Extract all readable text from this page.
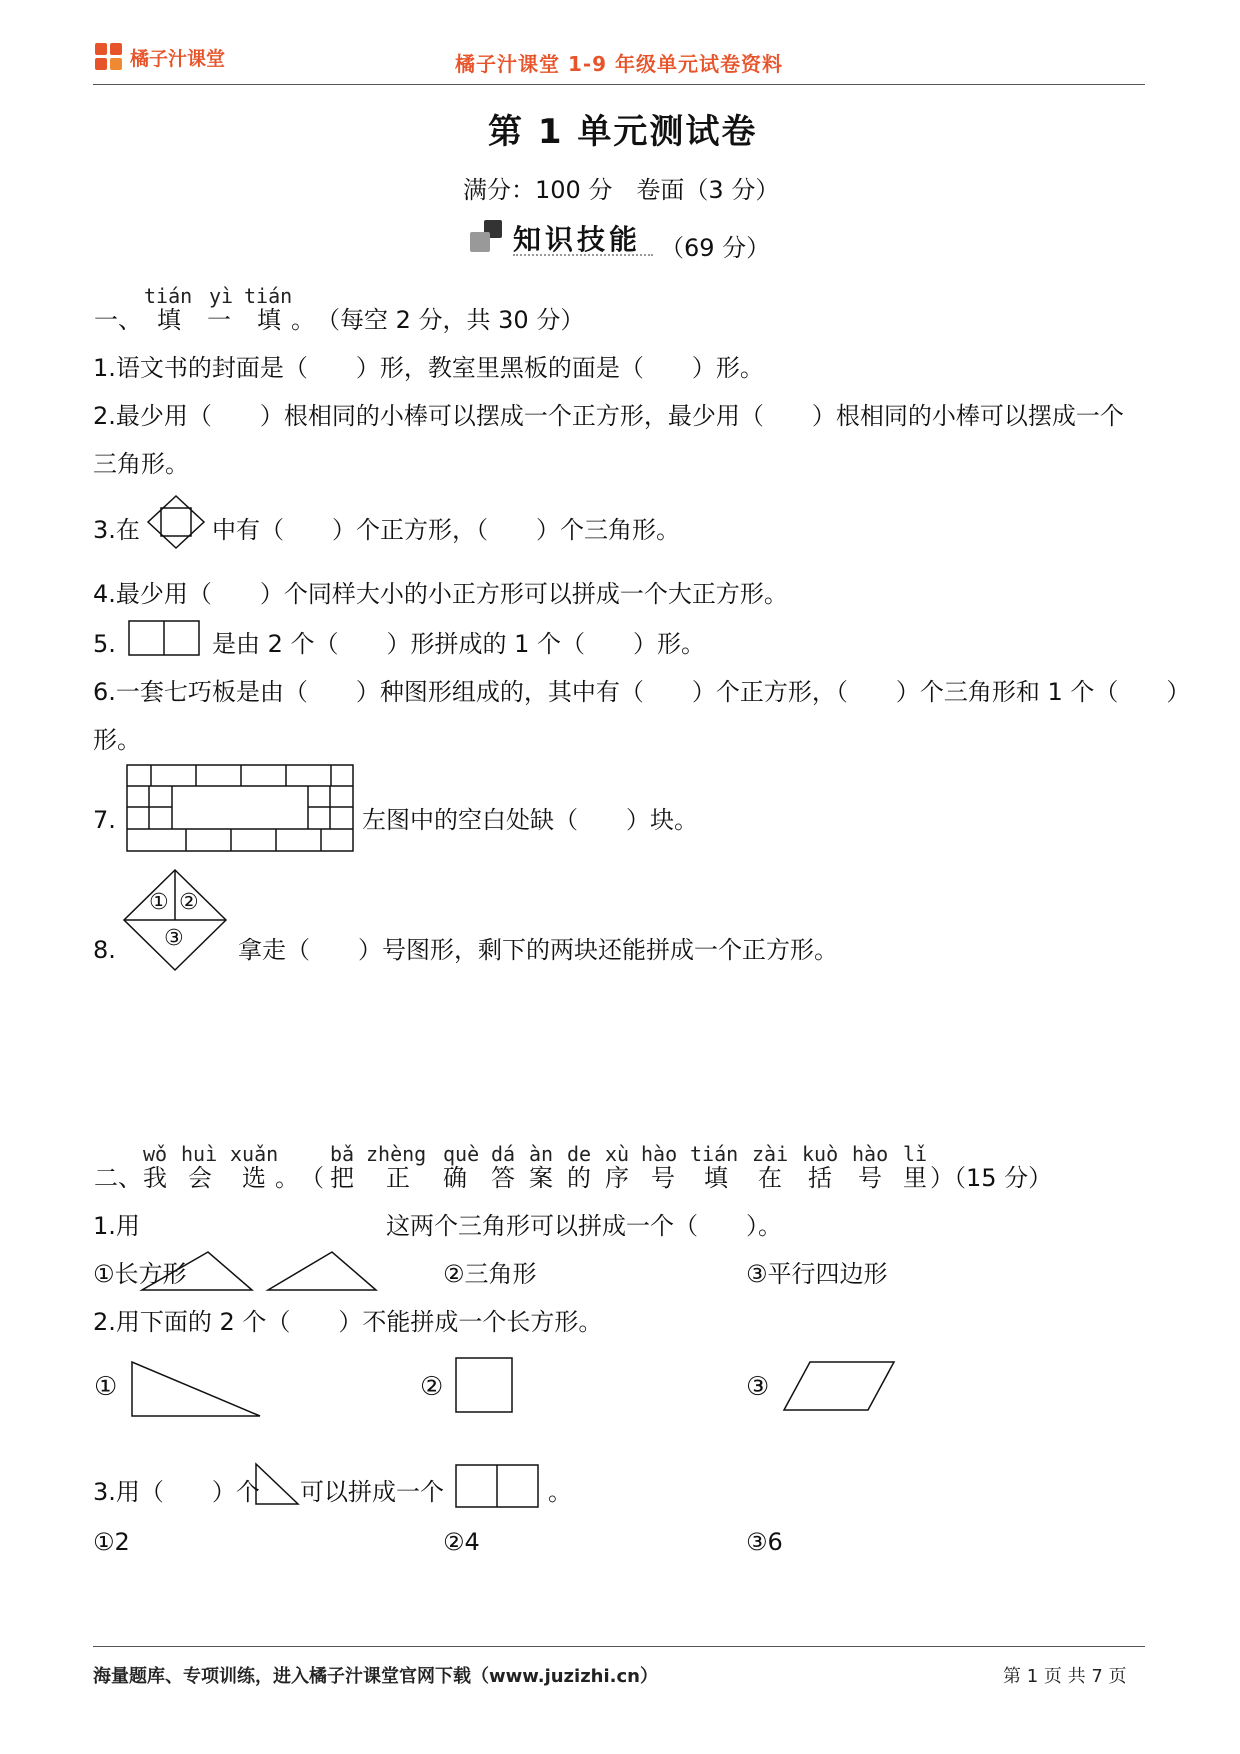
橘子汁课堂	橘子汁课堂 1-9 年级单元试卷资料
第 1 单元测试卷
满分：100 分　卷面（3 分）
知识技能 （69 分）
tián yì tián
一、 填 一 填 。 （每空 2 分，共 30 分）
1.语文书的封面是（　　）形，教室里黑板的面是（　　）形。
2.最少用（　　）根相同的小棒可以摆成一个正方形，最少用（　　）根相同的小棒可以摆成一个
三角形。
3.在	中有（　　）个正方形，（　　）个三角形。
4.最少用（　　）个同样大小的小正方形可以拼成一个大正方形。
5.	是由 2 个（　　）形拼成的 1 个（　　）形。
6.一套七巧板是由（　　）种图形组成的，其中有（　　）个正方形，（　　）个三角形和 1 个（　　）
形。
7.	左图中的空白处缺（　　）块。
8.
① ②
③ 拿走（　　）号图形，剩下的两块还能拼成一个正方形。
wǒ huì xuǎn	bǎ zhèng què dá àn de xù hào tián zài kuò hào lǐ
二、 我 会 选 。 （ 把 正 确 答 案 的 序 号 填 在 括 号 里 ）（15 分）
1.用	这两个三角形可以拼成一个（　　）。
①长方形	②三角形	③平行四边形
2.用下面的 2 个（　　）不能拼成一个长方形。
①	②	③
3.用（　　）个 可以拼成一个	。
①2	②4	③6
海量题库、专项训练，进入橘子汁课堂官网下载（www.juzizhi.cn）	第 1 页 共 7 页
